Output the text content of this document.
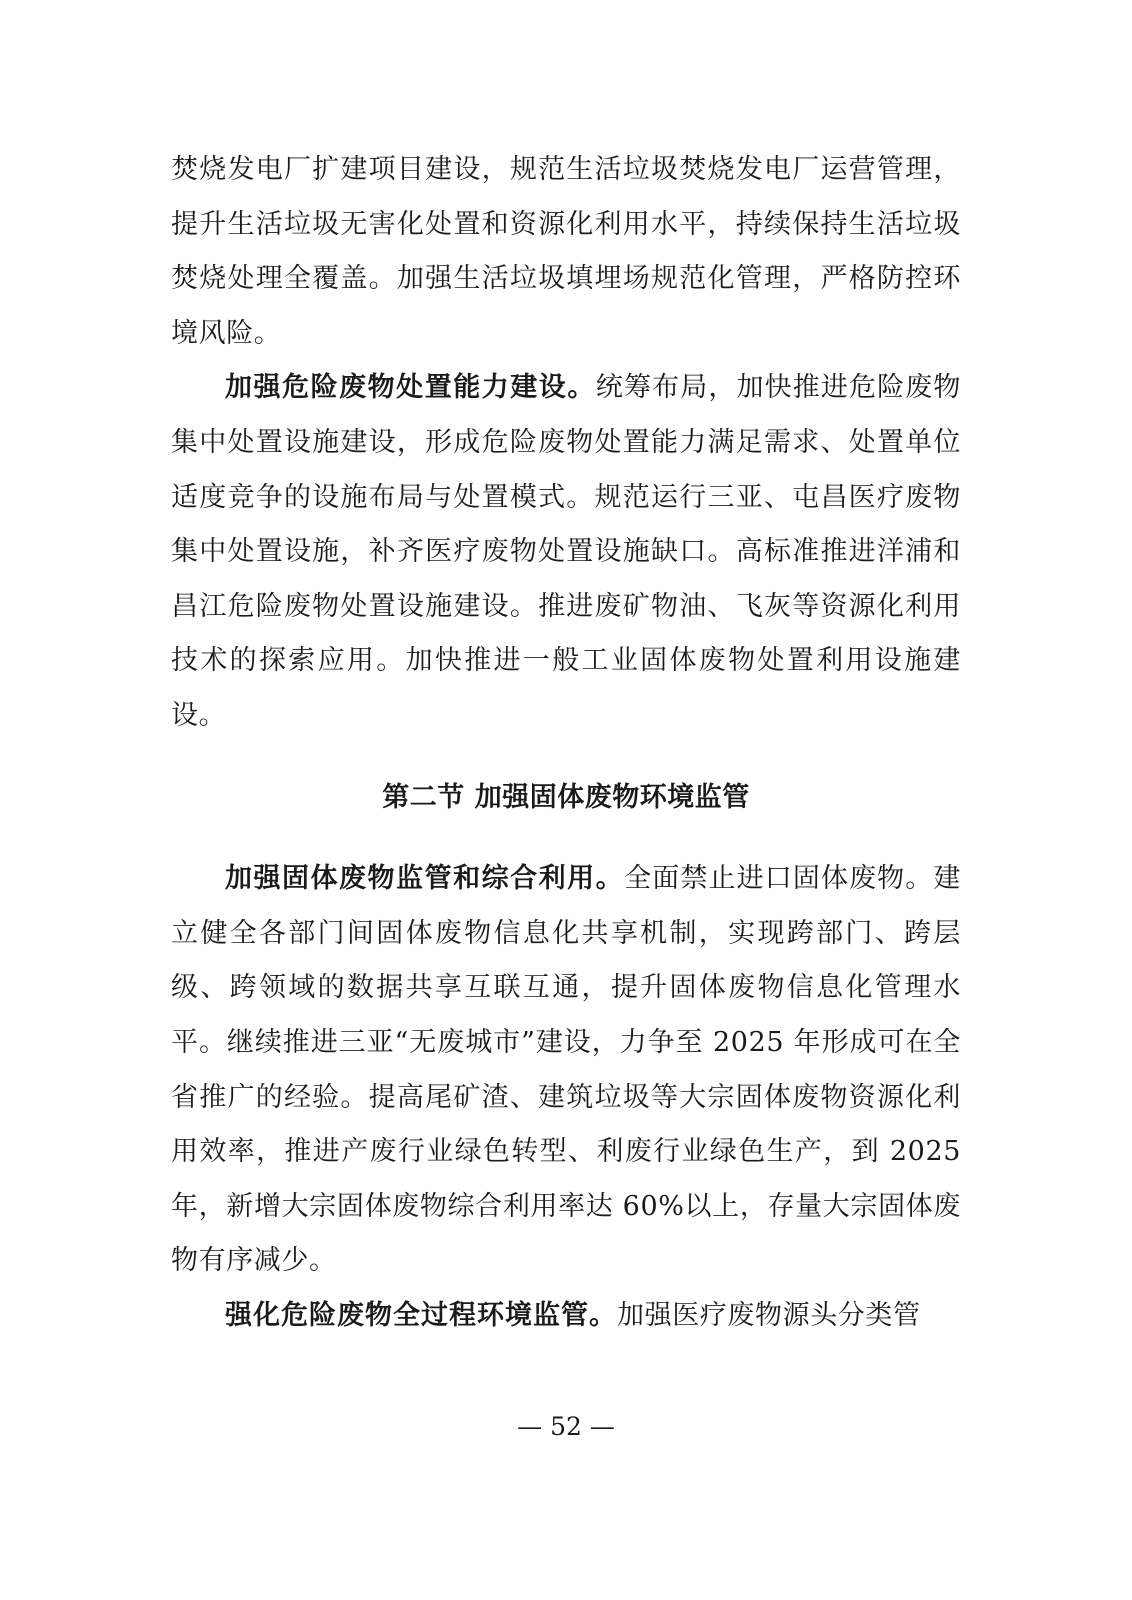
焚烧发电厂扩建项目建设，规范生活垃圾焚烧发电厂运营管理，提升生活垃圾无害化处置和资源化利用水平，持续保持生活垃圾焚烧处理全覆盖。加强生活垃圾填埋场规范化管理，严格防控环境风险。

加强危险废物处置能力建设。统筹布局，加快推进危险废物集中处置设施建设，形成危险废物处置能力满足需求、处置单位适度竞争的设施布局与处置模式。规范运行三亚、屯昌医疗废物集中处置设施，补齐医疗废物处置设施缺口。高标准推进洋浦和昌江危险废物处置设施建设。推进废矿物油、飞灰等资源化利用技术的探索应用。加快推进一般工业固体废物处置利用设施建设。

第二节 加强固体废物环境监管

加强固体废物监管和综合利用。全面禁止进口固体废物。建立健全各部门间固体废物信息化共享机制，实现跨部门、跨层级、跨领域的数据共享互联互通，提升固体废物信息化管理水平。继续推进三亚“无废城市”建设，力争至 2025 年形成可在全省推广的经验。提高尾矿渣、建筑垃圾等大宗固体废物资源化利用效率，推进产废行业绿色转型、利废行业绿色生产，到 2025 年，新增大宗固体废物综合利用率达 60%以上，存量大宗固体废物有序减少。

强化危险废物全过程环境监管。加强医疗废物源头分类管

— 52 —
